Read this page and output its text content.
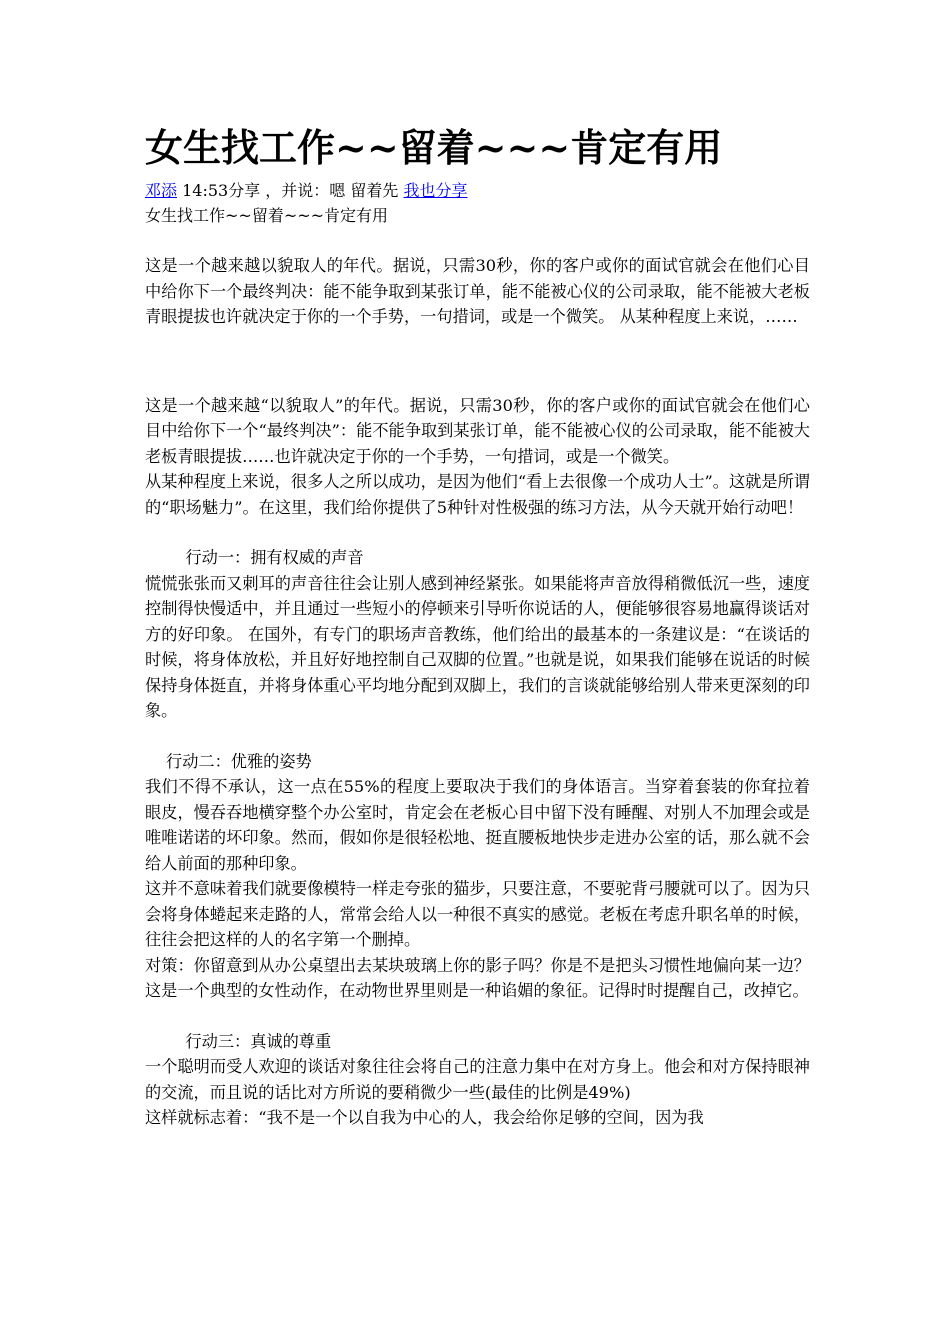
女生找工作~~留着~~~肯定有用
邓添 14:53分享 ，并说：嗯 留着先 我也分享
女生找工作~~留着~~~肯定有用

这是一个越来越以貌取人的年代。据说，只需30秒，你的客户或你的面试官就会在他们心目中给你下一个最终判决：能不能争取到某张订单，能不能被心仪的公司录取，能不能被大老板青眼提拔也许就决定于你的一个手势，一句措词，或是一个微笑。 从某种程度上来说，……

这是一个越来越“以貌取人”的年代。据说，只需30秒，你的客户或你的面试官就会在他们心目中给你下一个“最终判决”：能不能争取到某张订单，能不能被心仪的公司录取，能不能被大老板青眼提拔……也许就决定于你的一个手势，一句措词，或是一个微笑。

从某种程度上来说，很多人之所以成功，是因为他们“看上去很像一个成功人士”。这就是所谓的“职场魅力”。在这里，我们给你提供了5种针对性极强的练习方法，从今天就开始行动吧！

行动一：拥有权威的声音

慌慌张张而又刺耳的声音往往会让别人感到神经紧张。如果能将声音放得稍微低沉一些，速度控制得快慢适中，并且通过一些短小的停顿来引导听你说话的人，便能够很容易地赢得谈话对方的好印象。 在国外，有专门的职场声音教练，他们给出的最基本的一条建议是：“在谈话的时候，将身体放松，并且好好地控制自己双脚的位置。”也就是说，如果我们能够在说话的时候保持身体挺直，并将身体重心平均地分配到双脚上，我们的言谈就能够给别人带来更深刻的印象。

行动二：优雅的姿势

我们不得不承认，这一点在55%的程度上要取决于我们的身体语言。当穿着套装的你耷拉着眼皮，慢吞吞地横穿整个办公室时，肯定会在老板心目中留下没有睡醒、对别人不加理会或是唯唯诺诺的坏印象。然而，假如你是很轻松地、挺直腰板地快步走进办公室的话，那么就不会给人前面的那种印象。

这并不意味着我们就要像模特一样走夸张的猫步，只要注意，不要驼背弓腰就可以了。因为只会将身体蜷起来走路的人，常常会给人以一种很不真实的感觉。老板在考虑升职名单的时候，往往会把这样的人的名字第一个删掉。

对策：你留意到从办公桌望出去某块玻璃上你的影子吗？你是不是把头习惯性地偏向某一边？这是一个典型的女性动作，在动物世界里则是一种谄媚的象征。记得时时提醒自己，改掉它。

行动三：真诚的尊重

一个聪明而受人欢迎的谈话对象往往会将自己的注意力集中在对方身上。他会和对方保持眼神的交流，而且说的话比对方所说的要稍微少一些(最佳的比例是49%)

这样就标志着：“我不是一个以自我为中心的人，我会给你足够的空间，因为我
